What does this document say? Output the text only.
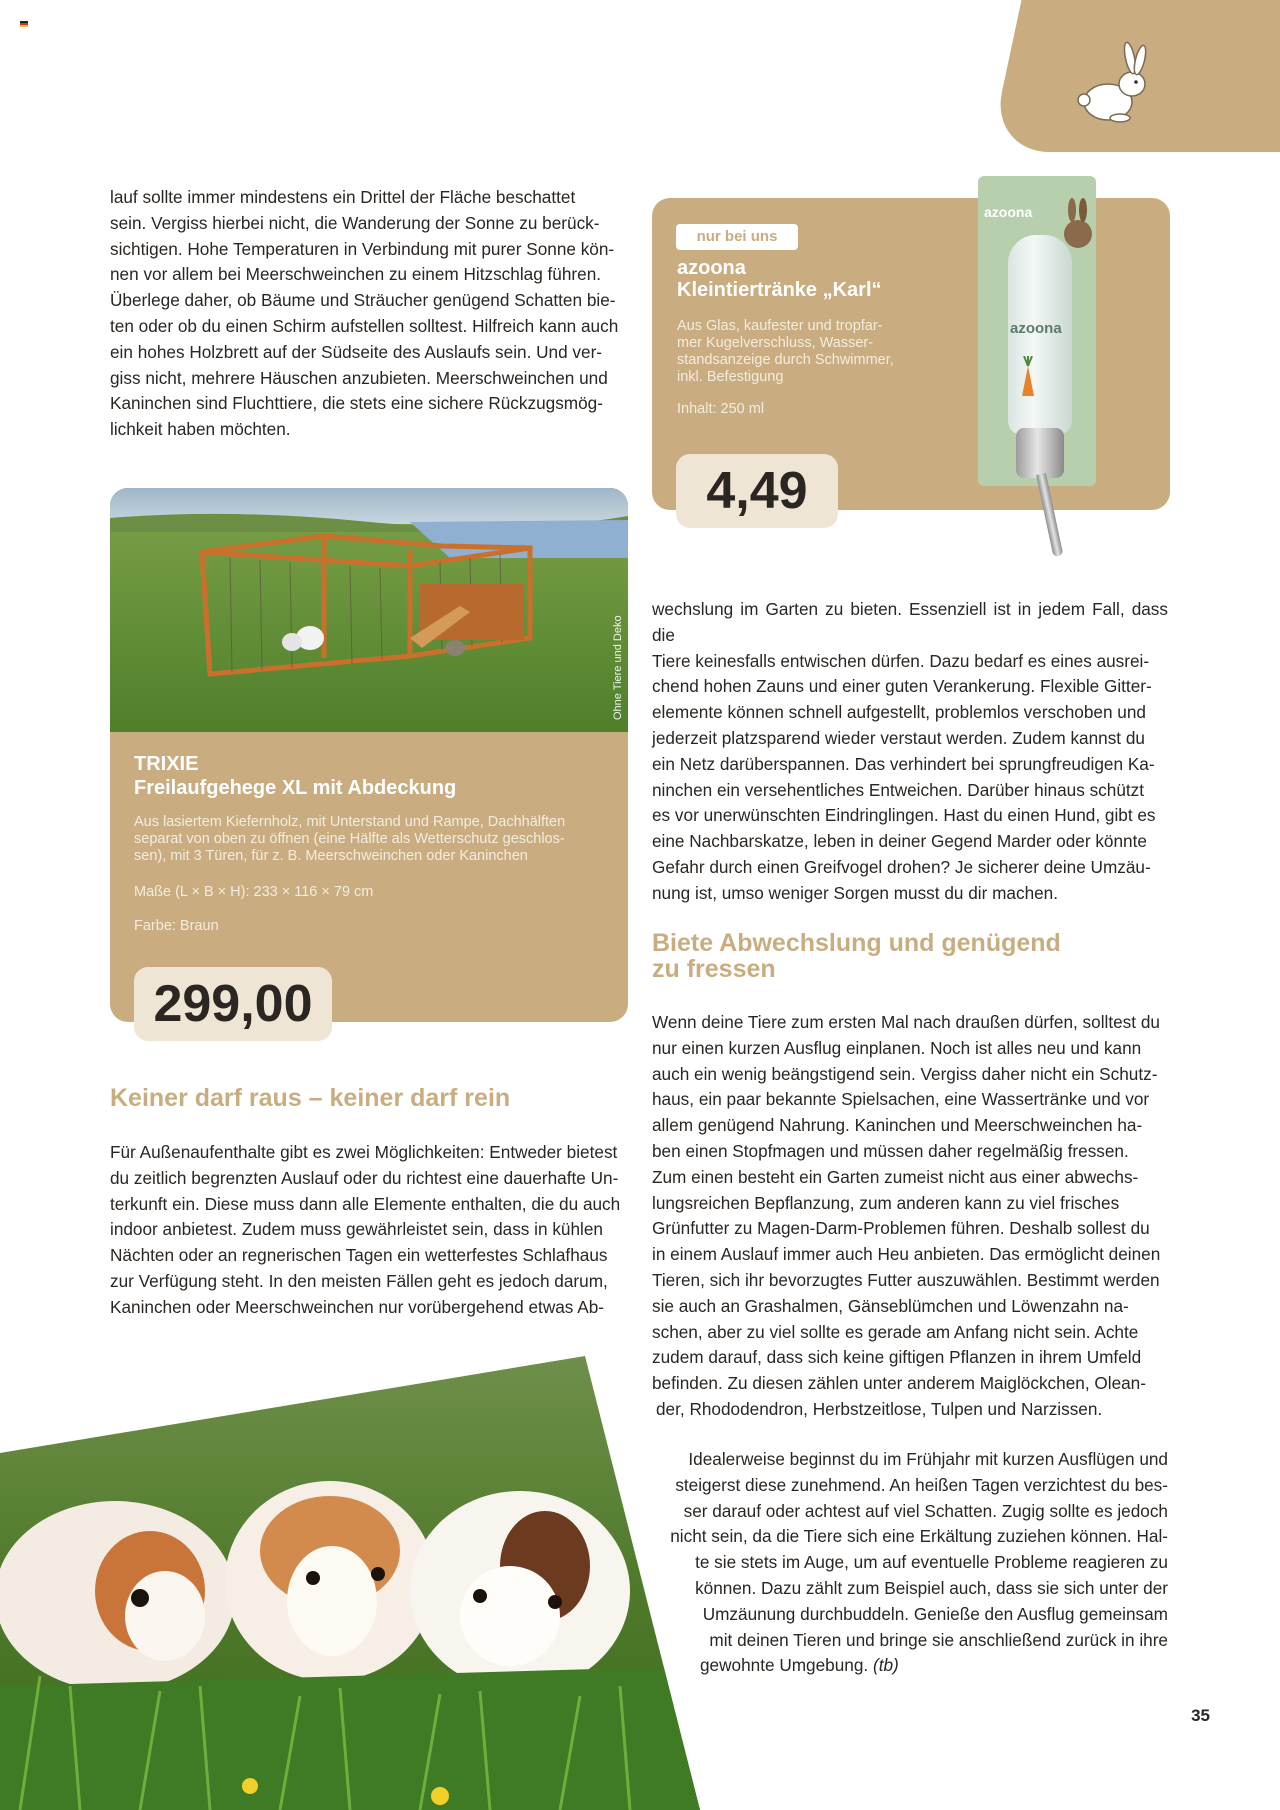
lauf sollte immer mindestens ein Drittel der Fläche beschattet

sein. Vergiss hierbei nicht, die Wanderung der Sonne zu berück-

sichtigen. Hohe Temperaturen in Verbindung mit purer Sonne kön-

nen vor allem bei Meerschweinchen zu einem Hitzschlag führen.

Überlege daher, ob Bäume und Sträucher genügend Schatten bie-

ten oder ob du einen Schirm aufstellen solltest. Hilfreich kann auch

ein hohes Holzbrett auf der Südseite des Auslaufs sein. Und ver-

giss nicht, mehrere Häuschen anzubieten. Meerschweinchen und

Kaninchen sind Fluchttiere, die stets eine sichere Rückzugsmög-

lichkeit haben möchten.

nur bei uns
azoona
Kleintiertränke „Karl“
Aus Glas, kaufester und tropfar-
mer Kugelverschluss, Wasser-
standsanzeige durch Schwimmer,
inkl. Befestigung
Inhalt: 250 ml
4,49
azoona
azoona
Ohne Tiere und Deko
TRIXIE
Freilaufgehege XL mit Abdeckung
Aus lasiertem Kiefernholz, mit Unterstand und Rampe, Dachhälften
separat von oben zu öffnen (eine Hälfte als Wetterschutz geschlos-
sen), mit 3 Türen, für z. B. Meerschweinchen oder Kaninchen
Maße (L × B × H): 233 × 116 × 79 cm
Farbe: Braun
299,00
Keiner darf raus – keiner darf rein

Für Außenaufenthalte gibt es zwei Möglichkeiten: Entweder bietest

du zeitlich begrenzten Auslauf oder du richtest eine dauerhafte Un-

terkunft ein. Diese muss dann alle Elemente enthalten, die du auch

indoor anbietest. Zudem muss gewährleistet sein, dass in kühlen

Nächten oder an regnerischen Tagen ein wetterfestes Schlafhaus

zur Verfügung steht. In den meisten Fällen geht es jedoch darum,

Kaninchen oder Meerschweinchen nur vorübergehend etwas Ab-

wechslung im Garten zu bieten. Essenziell ist in jedem Fall, dass die

Tiere keinesfalls entwischen dürfen. Dazu bedarf es eines ausrei-

chend hohen Zauns und einer guten Verankerung. Flexible Gitter-

elemente können schnell aufgestellt, problemlos verschoben und

jederzeit platzsparend wieder verstaut werden. Zudem kannst du

ein Netz darüberspannen. Das verhindert bei sprungfreudigen Ka-

ninchen ein versehentliches Entweichen. Darüber hinaus schützt

es vor unerwünschten Eindringlingen. Hast du einen Hund, gibt es

eine Nachbarskatze, leben in deiner Gegend Marder oder könnte

Gefahr durch einen Greifvogel drohen? Je sicherer deine Umzäu-

nung ist, umso weniger Sorgen musst du dir machen.

Biete Abwechslung und genügend
zu fressen

Wenn deine Tiere zum ersten Mal nach draußen dürfen, solltest du

nur einen kurzen Ausflug einplanen. Noch ist alles neu und kann

auch ein wenig beängstigend sein. Vergiss daher nicht ein Schutz-

haus, ein paar bekannte Spielsachen, eine Wassertränke und vor

allem genügend Nahrung. Kaninchen und Meerschweinchen ha-

ben einen Stopfmagen und müssen daher regelmäßig fressen.

Zum einen besteht ein Garten zumeist nicht aus einer abwechs-

lungsreichen Bepflanzung, zum anderen kann zu viel frisches

Grünfutter zu Magen-Darm-Problemen führen. Deshalb sollest du

in einem Auslauf immer auch Heu anbieten. Das ermöglicht deinen

Tieren, sich ihr bevorzugtes Futter auszuwählen. Bestimmt werden

sie auch an Grashalmen, Gänseblümchen und Löwenzahn na-

schen, aber zu viel sollte es gerade am Anfang nicht sein. Achte

zudem darauf, dass sich keine giftigen Pflanzen in ihrem Umfeld

befinden. Zu diesen zählen unter anderem Maiglöckchen, Olean-

der, Rhododendron, Herbstzeitlose, Tulpen und Narzissen.

Idealerweise beginnst du im Frühjahr mit kurzen Ausflügen und

steigerst diese zunehmend. An heißen Tagen verzichtest du bes-

ser darauf oder achtest auf viel Schatten. Zugig sollte es jedoch

nicht sein, da die Tiere sich eine Erkältung zuziehen können. Hal-

te sie stets im Auge, um auf eventuelle Probleme reagieren zu

können. Dazu zählt zum Beispiel auch, dass sie sich unter der

Umzäunung durchbuddeln. Genieße den Ausflug gemeinsam

mit deinen Tieren und bringe sie anschließend zurück in ihre

gewohnte Umgebung. (tb)

35
